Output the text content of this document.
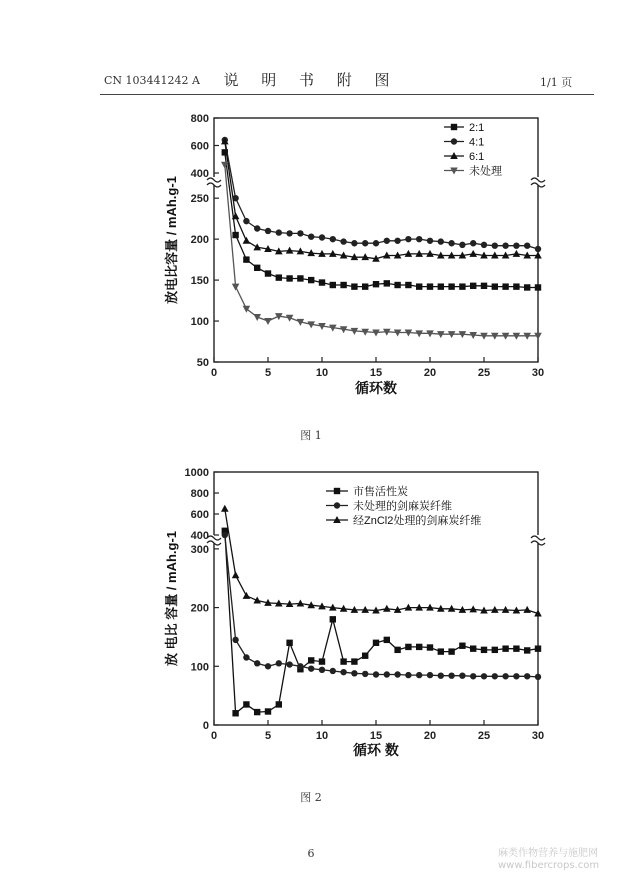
CN 103441242 A	说 明 书 附 图	1/1 页
0	5	10	15	20	25	30
50
100
150
200
250
400
600
800
循环数
放电比容量 / mAh.g-1
2:1
4:1
6:1
未处理
0	5	10	15	20	25	30
0
100
200
300
400
600
800
1000
循环 数
放 电比 容量 / mAh.g-1
市售活性炭
未处理的剑麻炭纤维
经ZnCl2处理的剑麻炭纤维
图 1
图 2
6	麻类作物营养与施肥网
www.fibercrops.com
